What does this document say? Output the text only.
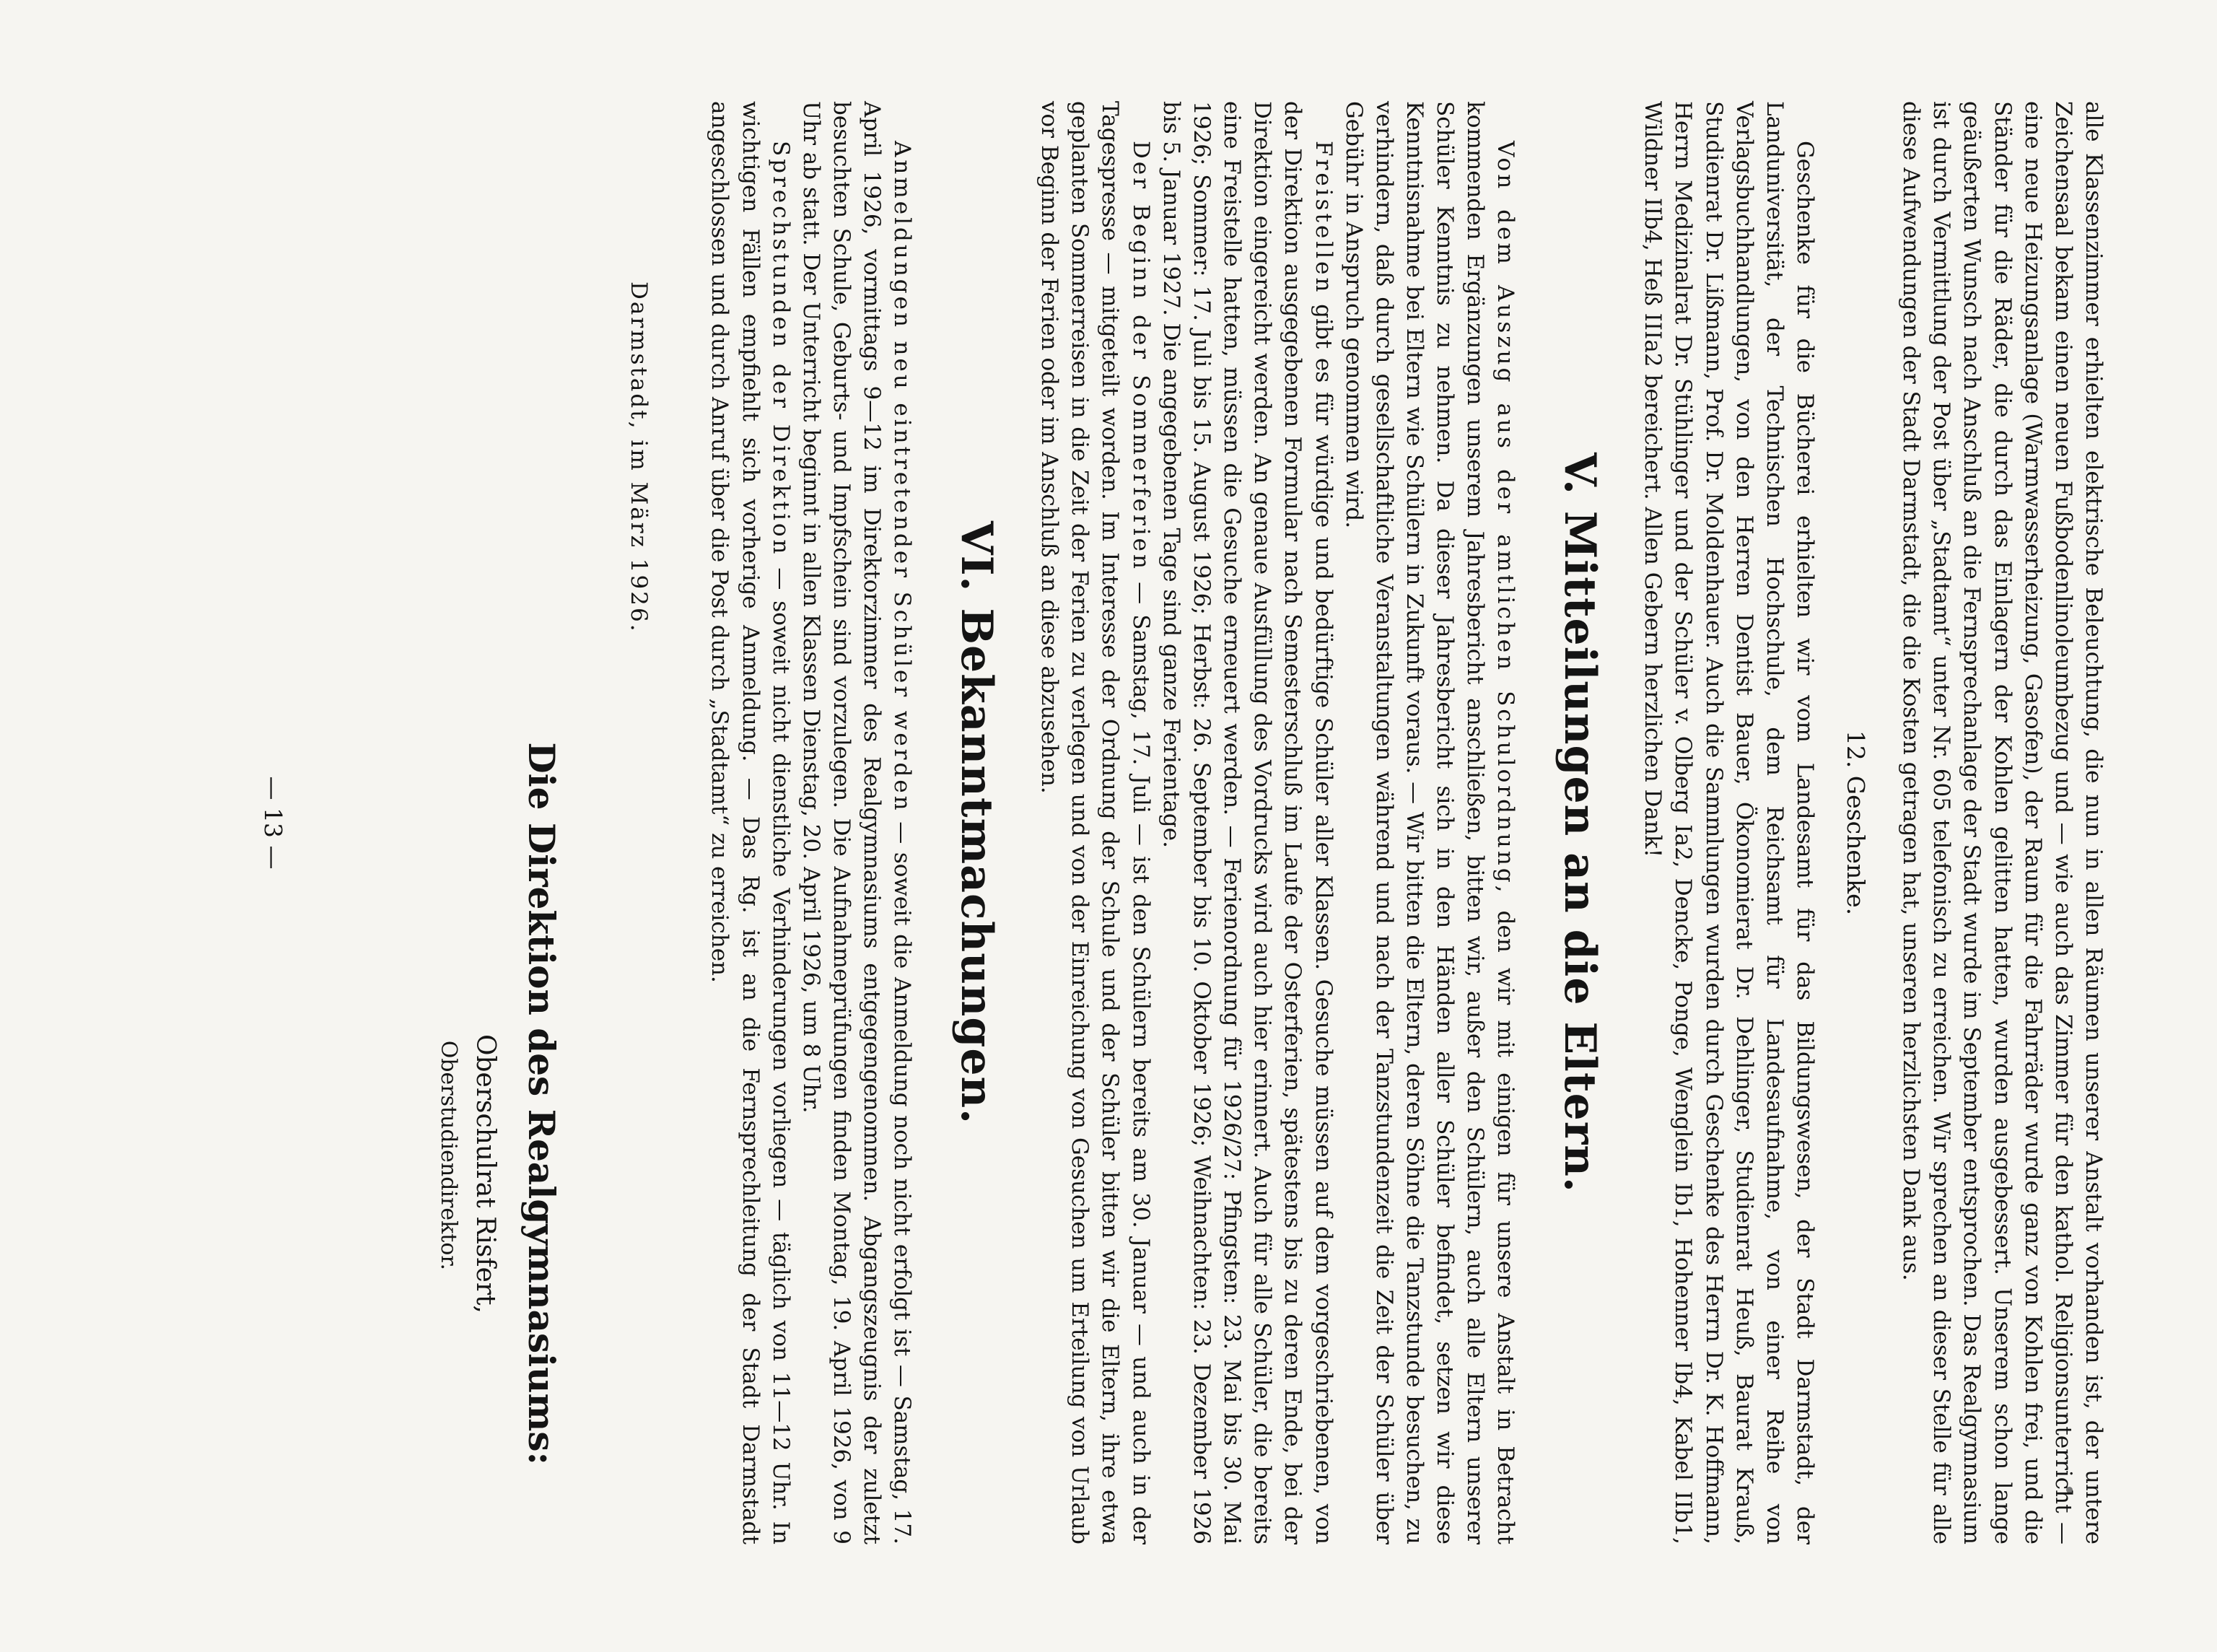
alle Klassenzimmer erhielten elektrische Beleuchtung, die nun in allen Räumen unserer Anstalt vorhanden ist, der untere Zeichensaal bekam einen neuen Fußbodenlinoleumbezug und — wie auch das Zimmer für den kathol. Religionsunterricht — eine neue Heizungsanlage (Warmwasserheizung, Gasofen), der Raum für die Fahrräder wurde ganz von Kohlen frei, und die Ständer für die Räder, die durch das Einlagern der Kohlen gelitten hatten, wurden ausgebessert. Unserem schon lange geäußerten Wunsch nach Anschluß an die Fernsprechanlage der Stadt wurde im September entsprochen. Das Realgymnasium ist durch Vermittlung der Post über „Stadtamt“ unter Nr. 605 telefonisch zu erreichen. Wir sprechen an dieser Stelle für alle diese Aufwendungen der Stadt Darmstadt, die die Kosten getragen hat, unseren herzlichsten Dank aus.

12. Geschenke.

Geschenke für die Bücherei erhielten wir vom Landesamt für das Bildungswesen, der Stadt Darmstadt, der Landuniversität, der Technischen Hochschule, dem Reichsamt für Landesaufnahme, von einer Reihe von Verlagsbuchhandlungen, von den Herren Dentist Bauer, Ökonomierat Dr. Dehlinger, Studienrat Heuß, Baurat Krauß, Studienrat Dr. Lißmann, Prof. Dr. Moldenhauer. Auch die Sammlungen wurden durch Geschenke des Herrn Dr. K. Hoffmann, Herrn Medizinalrat Dr. Stühlinger und der Schüler v. Olberg Ia2, Dencke, Ponge, Wenglein Ib1, Hohenner Ib4, Kabel IIb1, Wildner IIb4, Heß IIIa2 bereichert. Allen Gebern herzlichen Dank!

V. Mitteilungen an die Eltern.

Von dem Auszug aus der amtlichen Schulordnung, den wir mit einigen für unsere Anstalt in Betracht kommenden Ergänzungen unserem Jahresbericht anschließen, bitten wir, außer den Schülern, auch alle Eltern unserer Schüler Kenntnis zu nehmen. Da dieser Jahresbericht sich in den Händen aller Schüler befindet, setzen wir diese Kenntnisnahme bei Eltern wie Schülern in Zukunft voraus. — Wir bitten die Eltern, deren Söhne die Tanzstunde besuchen, zu verhindern, daß durch gesellschaftliche Veranstaltungen während und nach der Tanzstundenzeit die Zeit der Schüler über Gebühr in Anspruch genommen wird.

Freistellen gibt es für würdige und bedürftige Schüler aller Klassen. Gesuche müssen auf dem vorgeschriebenen, von der Direktion ausgegebenen Formular nach Semesterschluß im Laufe der Osterferien, spätestens bis zu deren Ende, bei der Direktion eingereicht werden. An genaue Ausfüllung des Vordrucks wird auch hier erinnert. Auch für alle Schüler, die bereits eine Freistelle hatten, müssen die Gesuche erneuert werden. — Ferienordnung für 1926/27: Pfingsten: 23. Mai bis 30. Mai 1926; Sommer: 17. Juli bis 15. August 1926; Herbst: 26. September bis 10. Oktober 1926; Weihnachten: 23. Dezember 1926 bis 5. Januar 1927. Die angegebenen Tage sind ganze Ferientage.

Der Beginn der Sommerferien — Samstag, 17. Juli — ist den Schülern bereits am 30. Januar — und auch in der Tagespresse — mitgeteilt worden. Im Interesse der Ordnung der Schule und der Schüler bitten wir die Eltern, ihre etwa geplanten Sommerreisen in die Zeit der Ferien zu verlegen und von der Einreichung von Gesuchen um Erteilung von Urlaub vor Beginn der Ferien oder im Anschluß an diese abzusehen.

VI. Bekanntmachungen.

Anmeldungen neu eintretender Schüler werden — soweit die Anmeldung noch nicht erfolgt ist — Samstag, 17. April 1926, vormittags 9—12 im Direktorzimmer des Realgymnasiums entgegengenommen. Abgangszeugnis der zuletzt besuchten Schule, Geburts- und Impfschein sind vorzulegen. Die Aufnahmeprüfungen finden Montag, 19. April 1926, von 9 Uhr ab statt. Der Unterricht beginnt in allen Klassen Dienstag, 20. April 1926, um 8 Uhr.

Sprechstunden der Direktion — soweit nicht dienstliche Verhinderungen vorliegen — täglich von 11—12 Uhr. In wichtigen Fällen empfiehlt sich vorherige Anmeldung. — Das Rg. ist an die Fernsprechleitung der Stadt Darmstadt angeschlossen und durch Anruf über die Post durch „Stadtamt“ zu erreichen.

Darmstadt, im März 1926.
Die Direktion des Realgymnasiums:
Oberschulrat Risfert,
Oberstudiendirektor.
— 13 —
